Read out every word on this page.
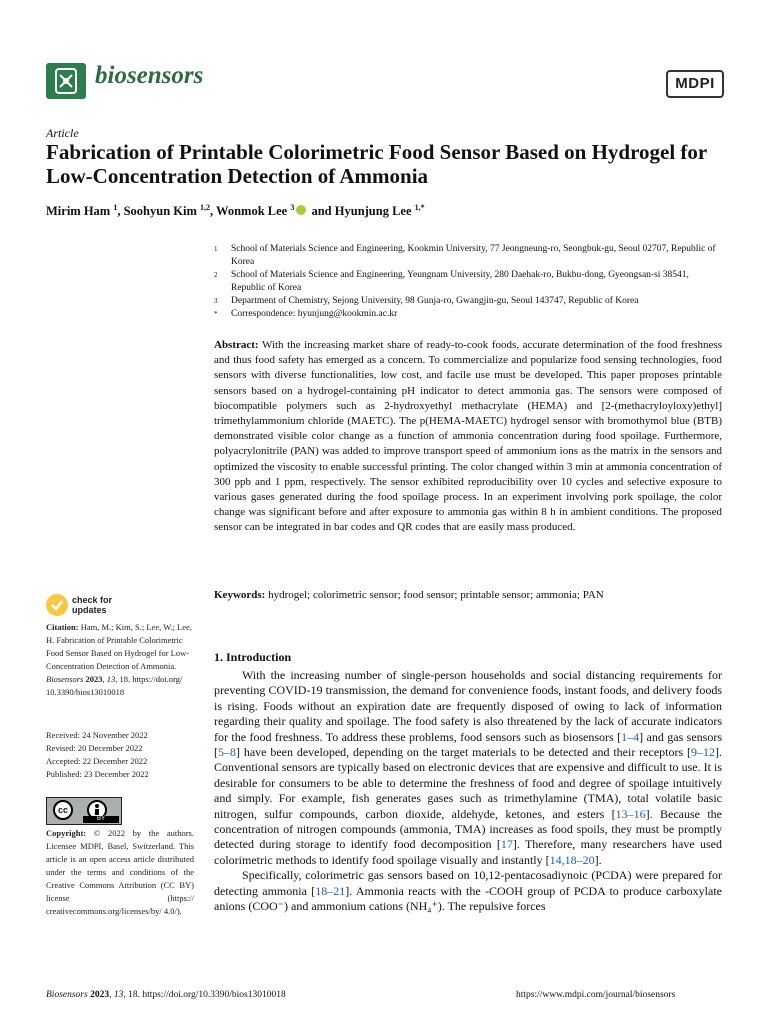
biosensors	MDPI
Article
Fabrication of Printable Colorimetric Food Sensor Based on Hydrogel for Low-Concentration Detection of Ammonia
Mirim Ham $^1$, Soohyun Kim $^{1,2}$, Wonmok Lee $^3$ and Hyunjung Lee $^{1,*}$
1	School of Materials Science and Engineering, Kookmin University, 77 Jeongneung-ro, Seongbuk-gu, Seoul 02707, Republic of Korea
2	School of Materials Science and Engineering, Yeungnam University, 280 Daehak-ro, Bukbu-dong, Gyeongsan-si 38541, Republic of Korea
3	Department of Chemistry, Sejong University, 98 Gunja-ro, Gwangjin-gu, Seoul 143747, Republic of Korea
*	Correspondence: hyunjung@kookmin.ac.kr
Abstract: With the increasing market share of ready-to-cook foods, accurate determination of the food freshness and thus food safety has emerged as a concern. To commercialize and popularize food sensing technologies, food sensors with diverse functionalities, low cost, and facile use must be developed. This paper proposes printable sensors based on a hydrogel-containing pH indicator to detect ammonia gas. The sensors were composed of biocompatible polymers such as 2-hydroxyethyl methacrylate (HEMA) and [2-(methacryloyloxy)ethyl] trimethylammonium chloride (MAETC). The p(HEMA-MAETC) hydrogel sensor with bromothymol blue (BTB) demonstrated visible color change as a function of ammonia concentration during food spoilage. Furthermore, polyacrylonitrile (PAN) was added to improve transport speed of ammonium ions as the matrix in the sensors and optimized the viscosity to enable successful printing. The color changed within 3 min at ammonia concentration of 300 ppb and 1 ppm, respectively. The sensor exhibited reproducibility over 10 cycles and selective exposure to various gases generated during the food spoilage process. In an experiment involving pork spoilage, the color change was significant before and after exposure to ammonia gas within 8 h in ambient conditions. The proposed sensor can be integrated in bar codes and QR codes that are easily mass produced.
Keywords: hydrogel; colorimetric sensor; food sensor; printable sensor; ammonia; PAN
check for
updates
Citation: Ham, M.; Kim, S.; Lee, W.; Lee, H. Fabrication of Printable Colorimetric Food Sensor Based on Hydrogel for Low-Concentration Detection of Ammonia. Biosensors 2023, 13, 18. https://doi.org/ 10.3390/bios13010018
Received: 24 November 2022
Revised: 20 December 2022
Accepted: 22 December 2022
Published: 23 December 2022
cc
BY
Copyright: © 2022 by the authors. Licensee MDPI, Basel, Switzerland. This article is an open access article distributed under the terms and conditions of the Creative Commons Attribution (CC BY) license (https:// creativecommons.org/licenses/by/ 4.0/).
1. Introduction

With the increasing number of single-person households and social distancing requirements for preventing COVID-19 transmission, the demand for convenience foods, instant foods, and delivery foods is rising. Foods without an expiration date are frequently disposed of owing to lack of information regarding their quality and spoilage. The food safety is also threatened by the lack of accurate indicators for the food freshness. To address these problems, food sensors such as biosensors [1–4] and gas sensors [5–8] have been developed, depending on the target materials to be detected and their receptors [9–12]. Conventional sensors are typically based on electronic devices that are expensive and difficult to use. It is desirable for consumers to be able to determine the freshness of food and degree of spoilage intuitively and simply. For example, fish generates gases such as trimethylamine (TMA), total volatile basic nitrogen, sulfur compounds, carbon dioxide, aldehyde, ketones, and esters [13–16]. Because the concentration of nitrogen compounds (ammonia, TMA) increases as food spoils, they must be promptly detected during storage to identify food decomposition [17]. Therefore, many researchers have used colorimetric methods to identify food spoilage visually and instantly [14,18–20].

Specifically, colorimetric gas sensors based on 10,12-pentacosadiynoic (PCDA) were prepared for detecting ammonia [18–21]. Ammonia reacts with the -COOH group of PCDA to produce carboxylate anions (COO⁻) and ammonium cations (NH₄⁺). The repulsive forces

Biosensors 2023, 13, 18. https://doi.org/10.3390/bios13010018	https://www.mdpi.com/journal/biosensors
